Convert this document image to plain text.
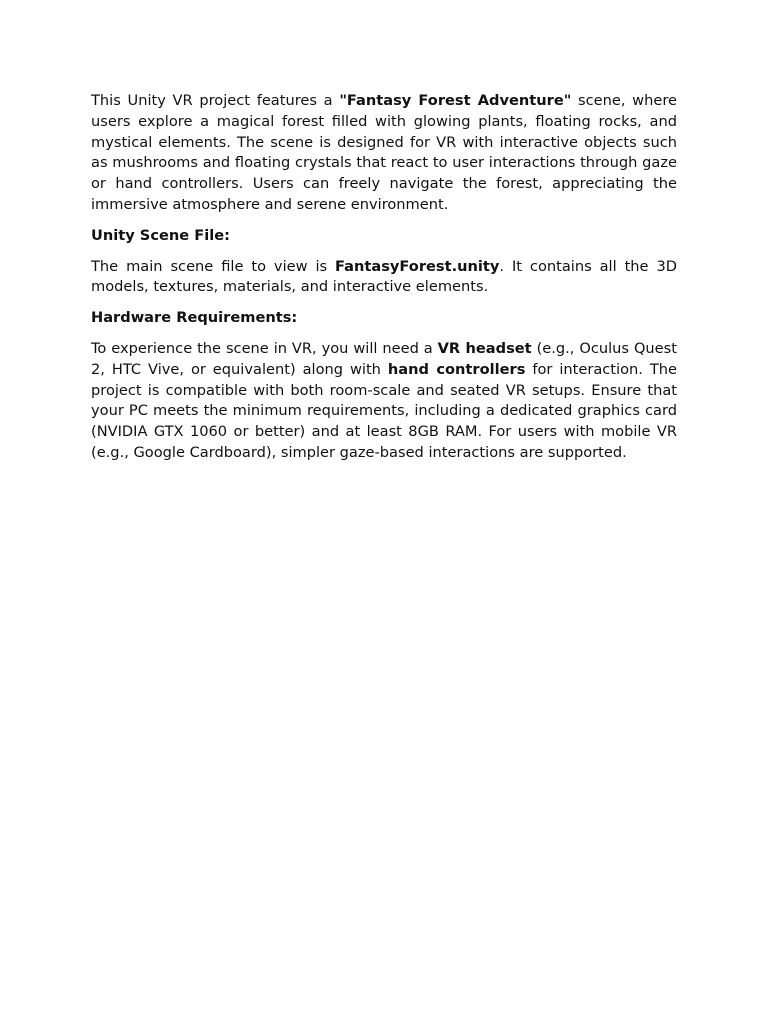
This Unity VR project features a "Fantasy Forest Adventure" scene, where users explore a magical forest filled with glowing plants, floating rocks, and mystical elements. The scene is designed for VR with interactive objects such as mushrooms and floating crystals that react to user interactions through gaze or hand controllers. Users can freely navigate the forest, appreciating the immersive atmosphere and serene environment.

Unity Scene File:

The main scene file to view is FantasyForest.unity. It contains all the 3D models, textures, materials, and interactive elements.

Hardware Requirements:

To experience the scene in VR, you will need a VR headset (e.g., Oculus Quest 2, HTC Vive, or equivalent) along with hand controllers for interaction. The project is compatible with both room-scale and seated VR setups. Ensure that your PC meets the minimum requirements, including a dedicated graphics card (NVIDIA GTX 1060 or better) and at least 8GB RAM. For users with mobile VR (e.g., Google Cardboard), simpler gaze-based interactions are supported.
